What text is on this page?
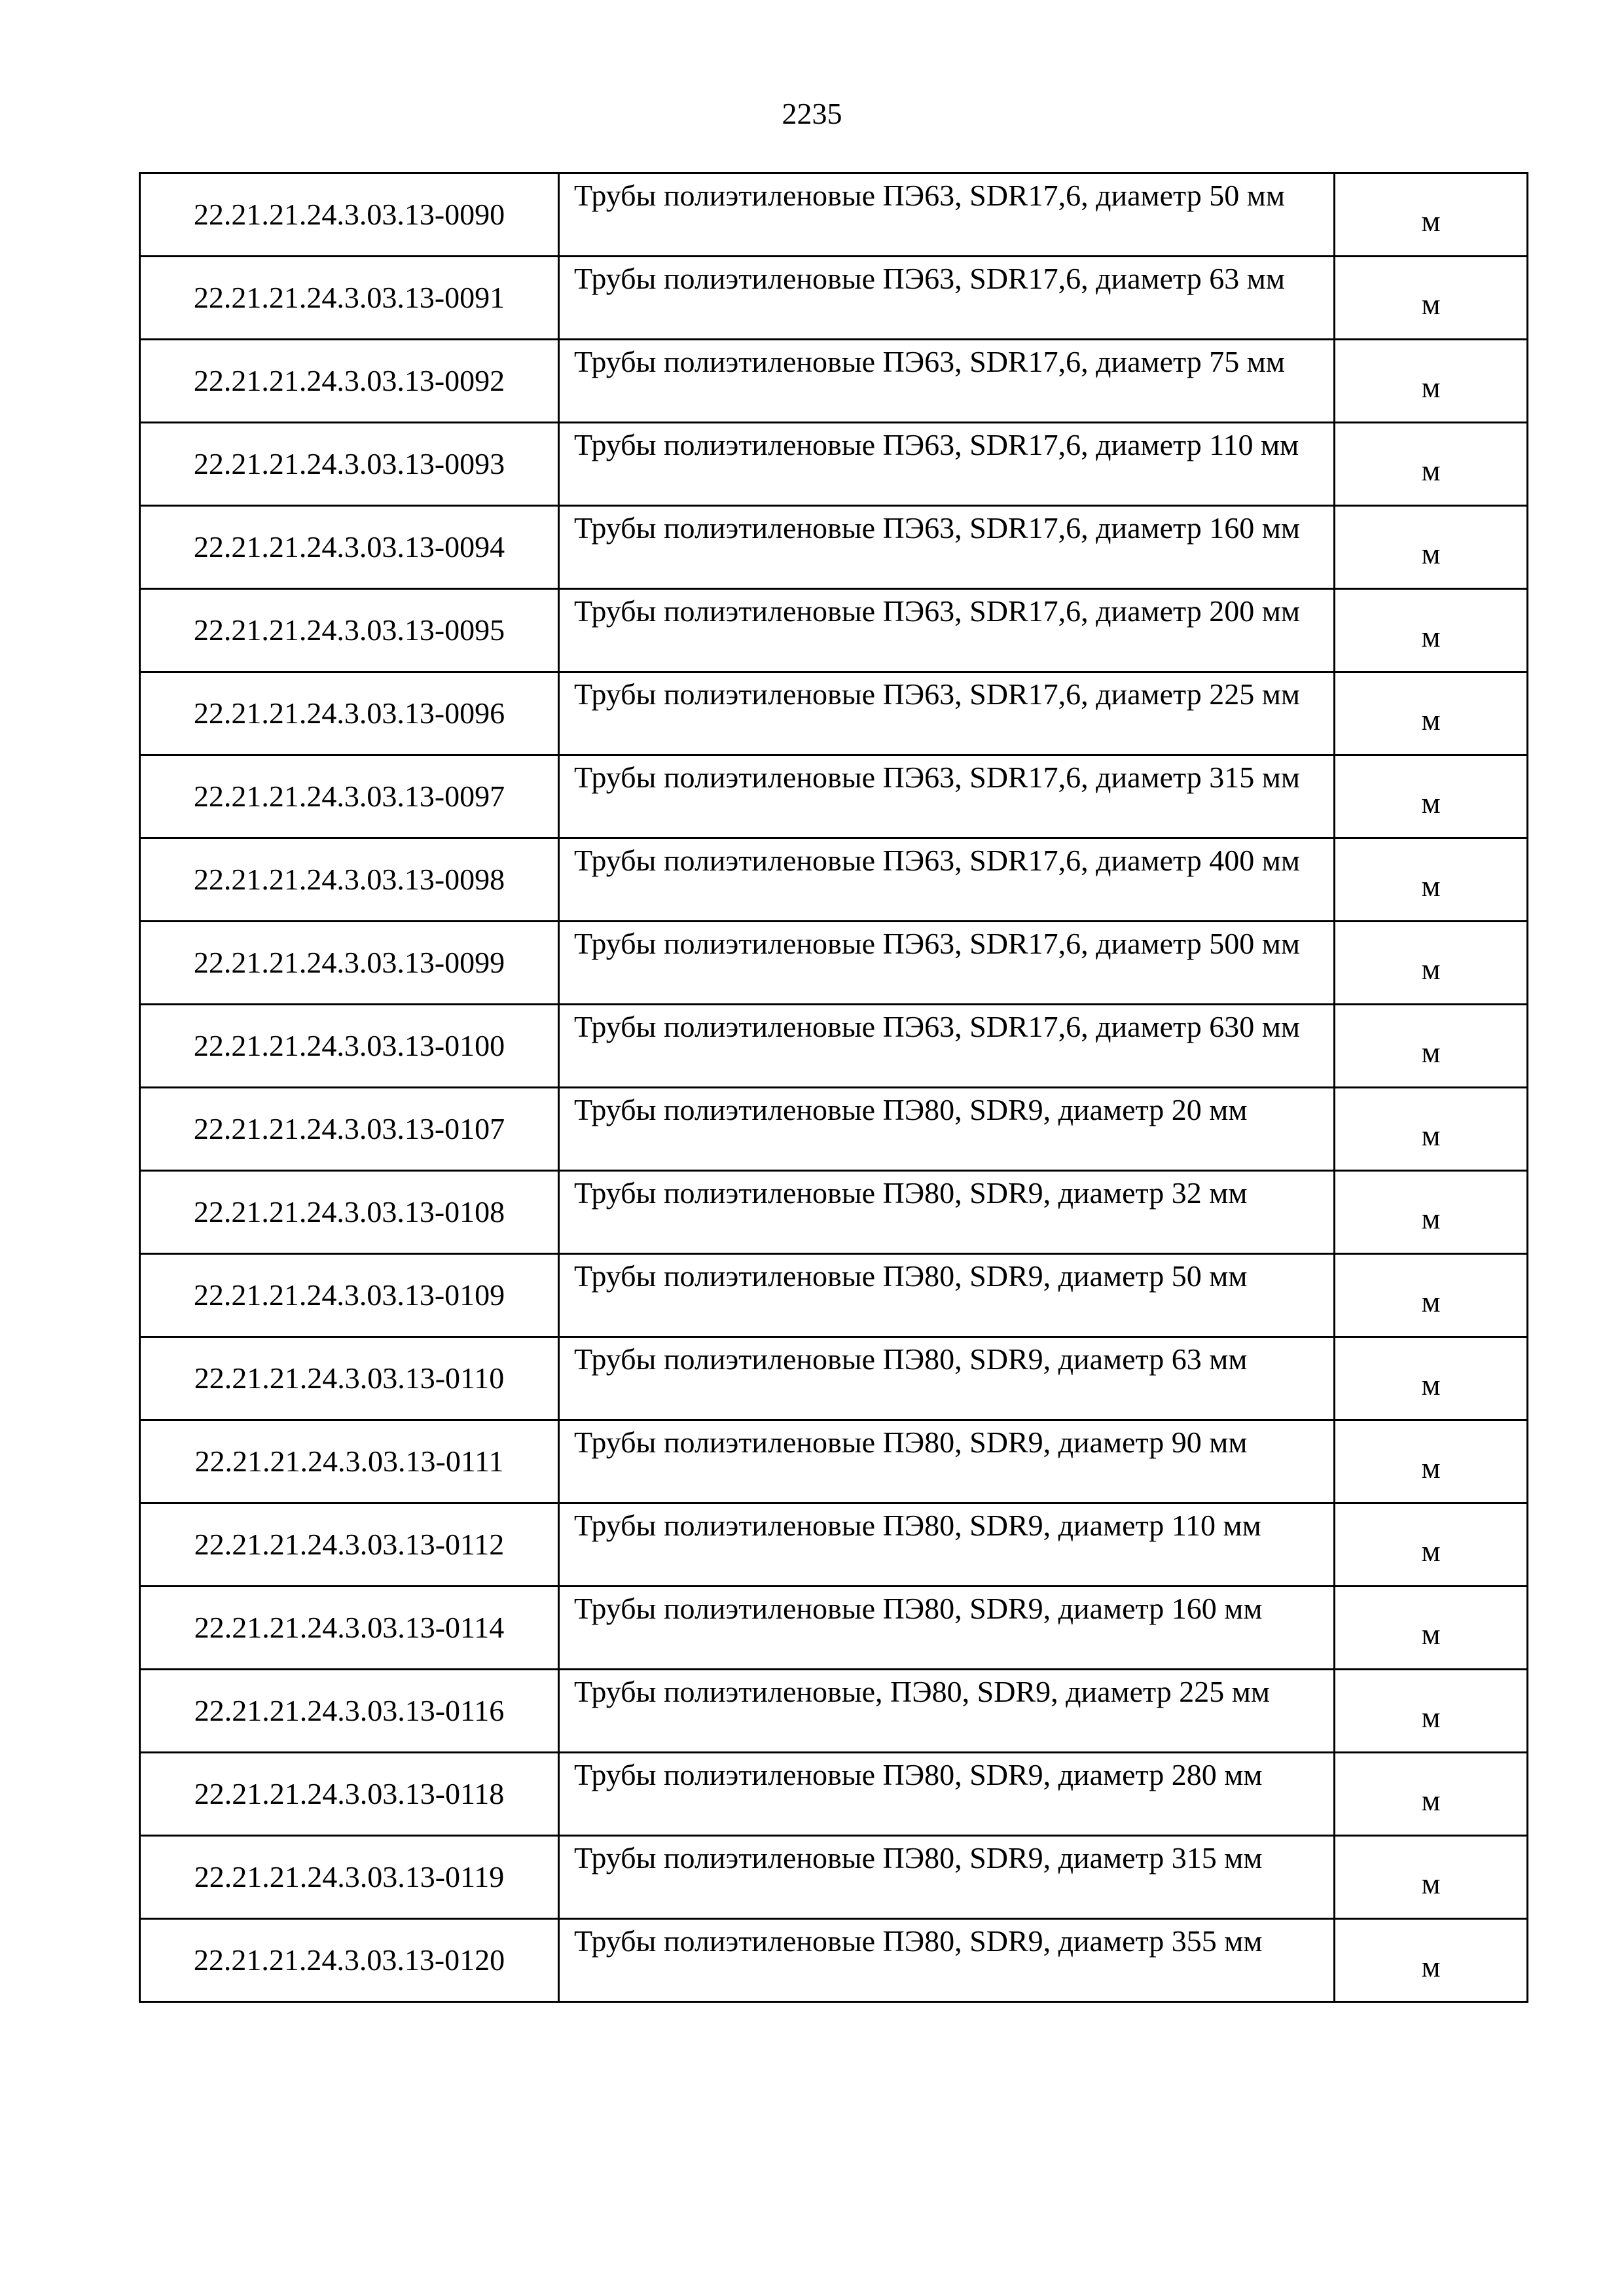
2235
22.21.21.24.3.03.13-0090	Трубы полиэтиленовые ПЭ63, SDR17,6, диаметр 50 мм	м
22.21.21.24.3.03.13-0091	Трубы полиэтиленовые ПЭ63, SDR17,6, диаметр 63 мм	м
22.21.21.24.3.03.13-0092	Трубы полиэтиленовые ПЭ63, SDR17,6, диаметр 75 мм	м
22.21.21.24.3.03.13-0093	Трубы полиэтиленовые ПЭ63, SDR17,6, диаметр 110 мм	м
22.21.21.24.3.03.13-0094	Трубы полиэтиленовые ПЭ63, SDR17,6, диаметр 160 мм	м
22.21.21.24.3.03.13-0095	Трубы полиэтиленовые ПЭ63, SDR17,6, диаметр 200 мм	м
22.21.21.24.3.03.13-0096	Трубы полиэтиленовые ПЭ63, SDR17,6, диаметр 225 мм	м
22.21.21.24.3.03.13-0097	Трубы полиэтиленовые ПЭ63, SDR17,6, диаметр 315 мм	м
22.21.21.24.3.03.13-0098	Трубы полиэтиленовые ПЭ63, SDR17,6, диаметр 400 мм	м
22.21.21.24.3.03.13-0099	Трубы полиэтиленовые ПЭ63, SDR17,6, диаметр 500 мм	м
22.21.21.24.3.03.13-0100	Трубы полиэтиленовые ПЭ63, SDR17,6, диаметр 630 мм	м
22.21.21.24.3.03.13-0107	Трубы полиэтиленовые ПЭ80, SDR9, диаметр 20 мм	м
22.21.21.24.3.03.13-0108	Трубы полиэтиленовые ПЭ80, SDR9, диаметр 32 мм	м
22.21.21.24.3.03.13-0109	Трубы полиэтиленовые ПЭ80, SDR9, диаметр 50 мм	м
22.21.21.24.3.03.13-0110	Трубы полиэтиленовые ПЭ80, SDR9, диаметр 63 мм	м
22.21.21.24.3.03.13-0111	Трубы полиэтиленовые ПЭ80, SDR9, диаметр 90 мм	м
22.21.21.24.3.03.13-0112	Трубы полиэтиленовые ПЭ80, SDR9, диаметр 110 мм	м
22.21.21.24.3.03.13-0114	Трубы полиэтиленовые ПЭ80, SDR9, диаметр 160 мм	м
22.21.21.24.3.03.13-0116	Трубы полиэтиленовые, ПЭ80, SDR9, диаметр 225 мм	м
22.21.21.24.3.03.13-0118	Трубы полиэтиленовые ПЭ80, SDR9, диаметр 280 мм	м
22.21.21.24.3.03.13-0119	Трубы полиэтиленовые ПЭ80, SDR9, диаметр 315 мм	м
22.21.21.24.3.03.13-0120	Трубы полиэтиленовые ПЭ80, SDR9, диаметр 355 мм	м
